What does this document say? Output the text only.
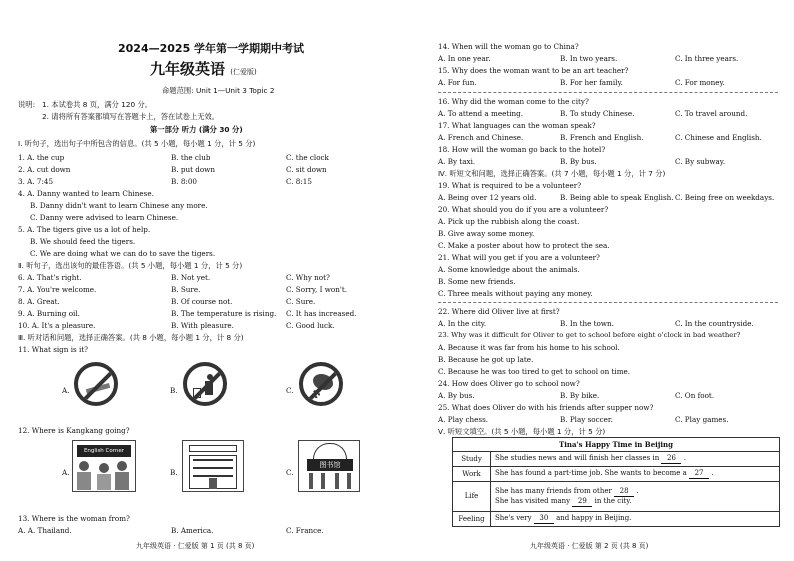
2024—2025 学年第一学期期中考试
九年级英语 (仁爱版)
命题范围: Unit 1—Unit 3 Topic 2
说明: 1. 本试卷共 8 页，满分 120 分。
2. 请将所有答案都填写在答题卡上，答在试卷上无效。
第一部分 听力 (满分 30 分)
Ⅰ. 听句子，选出句子中所包含的信息。(共 5 小题，每小题 1 分，计 5 分)
1. A. the cup	B. the club	C. the clock
2. A. cut down	B. put down	C. sit down
3. A. 7:45	B. 8:00	C. 8:15
4. A. Danny wanted to learn Chinese.
B. Danny didn't want to learn Chinese any more.
C. Danny were advised to learn Chinese.
5. A. The tigers give us a lot of help.
B. We should feed the tigers.
C. We are doing what we can do to save the tigers.
Ⅱ. 听句子，选出该句的最佳答语。(共 5 小题，每小题 1 分，计 5 分)
6. A. That's right.	B. Not yet.	C. Why not?
7. A. You're welcome.	B. Sure.	C. Sorry, I won't.
8. A. Great.	B. Of course not.	C. Sure.
9. A. Burning oil.	B. The temperature is rising. C. It has increased.
10. A. It's a pleasure.	B. With pleasure.	C. Good luck.
Ⅲ. 听对话和问题，选择正确答案。(共 8 小题，每小题 1 分，计 8 分)
11. What sign is it?
A.	B.	C.
12. Where is Kangkang going?
A.
English Corner
B.	C.
图书馆
13. Where is the woman from?
A. A. Thailand.	B. America.	C. France.
九年级英语 · 仁爱版 第 1 页 (共 8 页)
14. When will the woman go to China?
A. In one year.	B. In two years.	C. In three years.
15. Why does the woman want to be an art teacher?
A. For fun.	B. For her family.	C. For money.
16. Why did the woman come to the city?
A. To attend a meeting.	B. To study Chinese.	C. To travel around.
17. What languages can the woman speak?
A. French and Chinese.	B. French and English.	C. Chinese and English.
18. How will the woman go back to the hotel?
A. By taxi.	B. By bus.	C. By subway.
Ⅳ. 听短文和问题，选择正确答案。(共 7 小题，每小题 1 分，计 7 分)
19. What is required to be a volunteer?
A. Being over 12 years old.	B. Being able to speak English. C. Being free on weekdays.
20. What should you do if you are a volunteer?
A. Pick up the rubbish along the coast.
B. Give away some money.
C. Make a poster about how to protect the sea.
21. What will you get if you are a volunteer?
A. Some knowledge about the animals.
B. Some new friends.
C. Three meals without paying any money.
22. Where did Oliver live at first?
A. In the city.	B. In the town.	C. In the countryside.
23. Why was it difficult for Oliver to get to school before eight o'clock in bad weather?
A. Because it was far from his home to his school.
B. Because he got up late.
C. Because he was too tired to get to school on time.
24. How does Oliver go to school now?
A. By bus.	B. By bike.	C. On foot.
25. What does Oliver do with his friends after supper now?
A. Play chess.	B. Play soccer.	C. Play games.
Ⅴ. 听短文填空。(共 5 小题，每小题 1 分，计 5 分)
Tina's Happy Time in Beijing	
Study	She studies news and will finish her classes in 26 .
Work	She has found a part-time job. She wants to become a 27 .
Life	She has many friends from other 28 .
She has visited many 29 in the city.

Feeling	She's very 30 and happy in Beijing.
九年级英语 · 仁爱版 第 2 页 (共 8 页)
